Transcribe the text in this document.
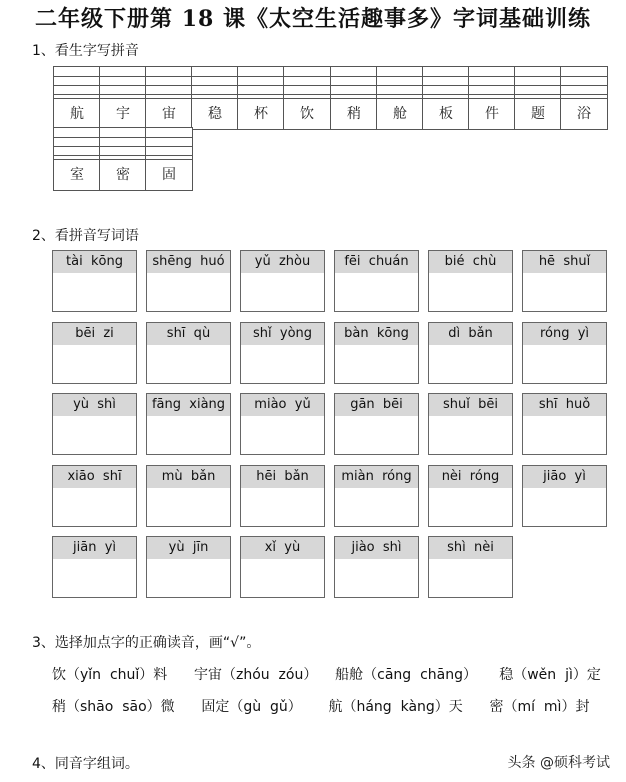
二年级下册第 18 课《太空生活趣事多》字词基础训练
1、看生字写拼音
航	宇	宙	稳	杯	饮	稍	舱	板	件	题	浴
室	密	固
2、看拼音写词语
tài  kōng	shēng  huó	yǔ  zhòu	fēi  chuán	bié  chù	hē  shuǐ
bēi  zi	shī  qù	shǐ  yòng	bàn  kōng	dì  bǎn	róng  yì
yù  shì	fāng  xiàng	miào  yǔ	gān  bēi	shuǐ  bēi	shī  huǒ
xiāo  shī	mù  bǎn	hēi  bǎn	miàn  róng	nèi  róng	jiāo  yì
jiān  yì	yù  jīn	xǐ  yù	jiào  shì	shì  nèi
3、选择加点字的正确读音，画“√”。
饮（yǐn  chuǐ）料      宇宙（zhóu  zóu）    船舱（cāng  chāng）     稳（wěn  jì）定
稍（shāo  sāo）微      固定（gù  gǔ）      航（háng  kàng）天      密（mí  mì）封
4、同音字组词。	头条 @硕科考试
